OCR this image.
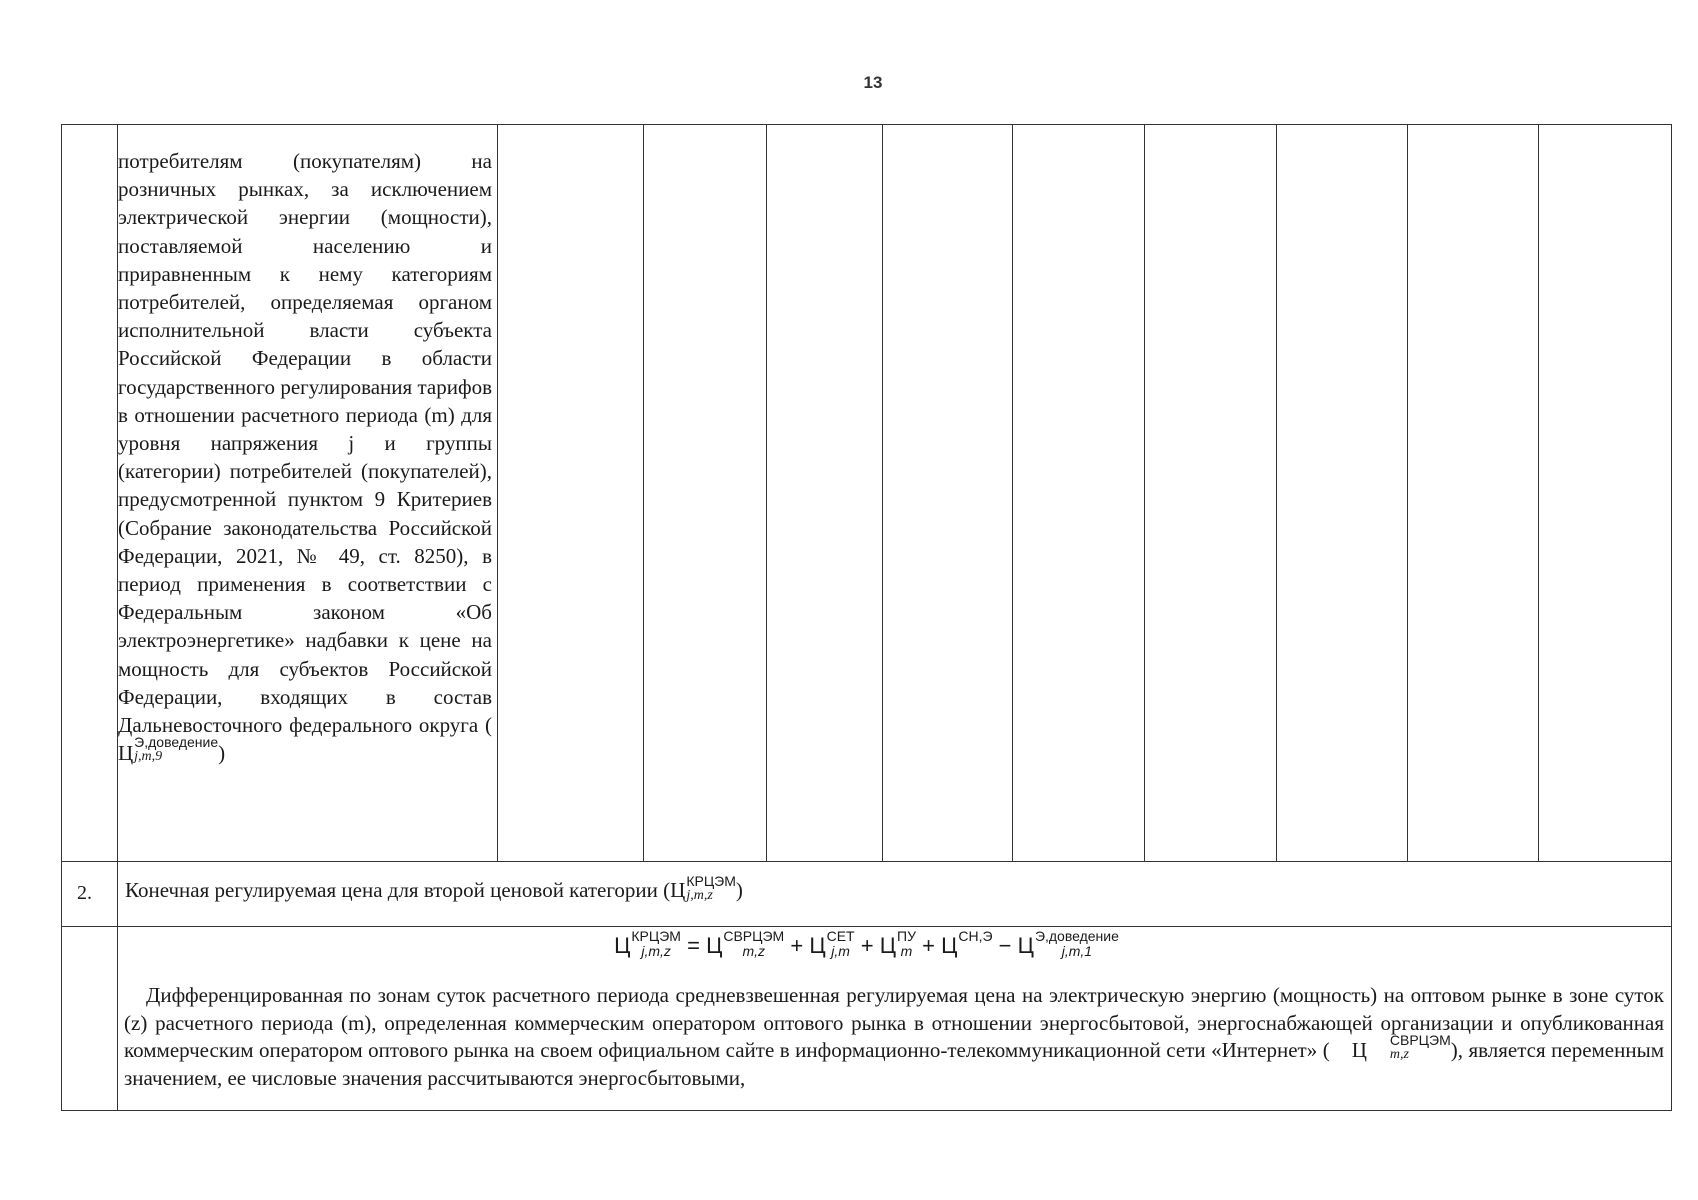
13
потребителям (покупателям) на розничных рынках, за исключением электрической энергии (мощности), поставляемой населению и приравненным к нему категориям потребителей, определяемая органом исполнительной власти субъекта Российской Федерации в области государственного регулирования тарифов в отношении расчетного периода (m) для уровня напряжения j и группы (категории) потребителей (покупателей), предусмотренной пунктом 9 Критериев (Собрание законодательства Российской Федерации, 2021, № 49, ст. 8250), в период применения в соответствии с Федеральным законом «Об электроэнергетике» надбавки к цене на мощность для субъектов Российской Федерации, входящих в состав Дальневосточного федерального округа (
Ц Э,доведение
j,m,9	)
2. Конечная регулируемая цена для второй ценовой категории ( Ц КРЦЭМ
j,m,z	)
Ц КРЦЭМ
j,m,z = Ц СВРЦЭМ
m,z	+ Ц СЕТ
j,m + Ц ПУ
m + Ц СН,Э − Ц Э,доведение
j,m,1
Дифференцированная по зонам суток расчетного периода средневзвешенная регулируемая цена на электрическую энергию (мощность) на оптовом рынке в зоне суток (z) расчетного периода (m), определенная коммерческим оператором оптового рынка в отношении энергосбытовой, энергоснабжающей организации и опубликованная коммерческим оператором оптового рынка на своем официальном сайте в информационно-телекоммуникационной сети «Интернет» (	Ц	СВРЦЭМ
m,z	), является переменным значением, ее числовые значения рассчитываются энергосбытовыми,
